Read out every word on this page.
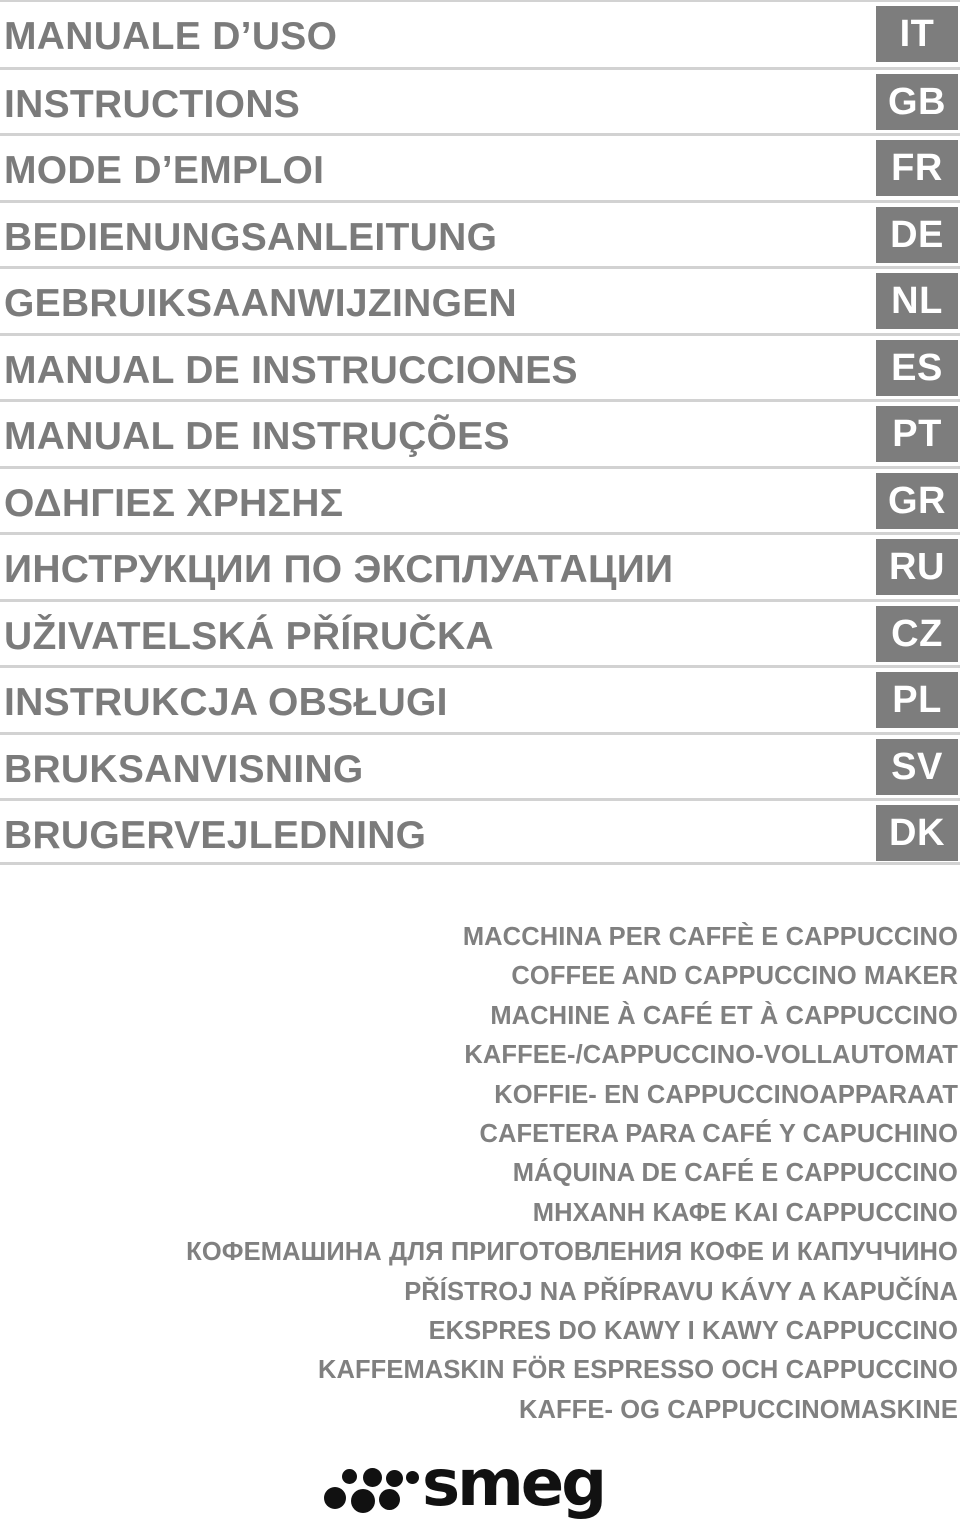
MANUALE D’USO	IT
INSTRUCTIONS	GB
MODE D’EMPLOI	FR
BEDIENUNGSANLEITUNG	DE
GEBRUIKSAANWIJZINGEN	NL
MANUAL DE INSTRUCCIONES	ES
MANUAL DE INSTRUÇÕES	PT
ΟΔΗΓΙΕΣ ΧΡΗΣΗΣ	GR
ИНСТРУКЦИИ ПО ЭКСПЛУАТАЦИИ	RU
UŽIVATELSKÁ PŘÍRUČKA	CZ
INSTRUKCJA OBSŁUGI	PL
BRUKSANVISNING	SV
BRUGERVEJLEDNING	DK
MACCHINA PER CAFFÈ E CAPPUCCINO
COFFEE AND CAPPUCCINO MAKER
MACHINE À CAFÉ ET À CAPPUCCINO
KAFFEE-/CAPPUCCINO-VOLLAUTOMAT
KOFFIE- EN CAPPUCCINOAPPARAAT
CAFETERA PARA CAFÉ Y CAPUCHINO
MÁQUINA DE CAFÉ E CAPPUCCINO
ΜΗΧΑΝΗ ΚΑΦΕ ΚΑΙ CAPPUCCINO
КОФЕМАШИНА ДЛЯ ПРИГОТОВЛЕНИЯ КОФЕ И КАПУЧЧИНО
PŘÍSTROJ NA PŘÍPRAVU KÁVY A KAPUČÍNA
EKSPRES DO KAWY I KAWY CAPPUCCINO
KAFFEMASKIN FÖR ESPRESSO OCH CAPPUCCINO
KAFFE- OG CAPPUCCINOMASKINE
smeg
